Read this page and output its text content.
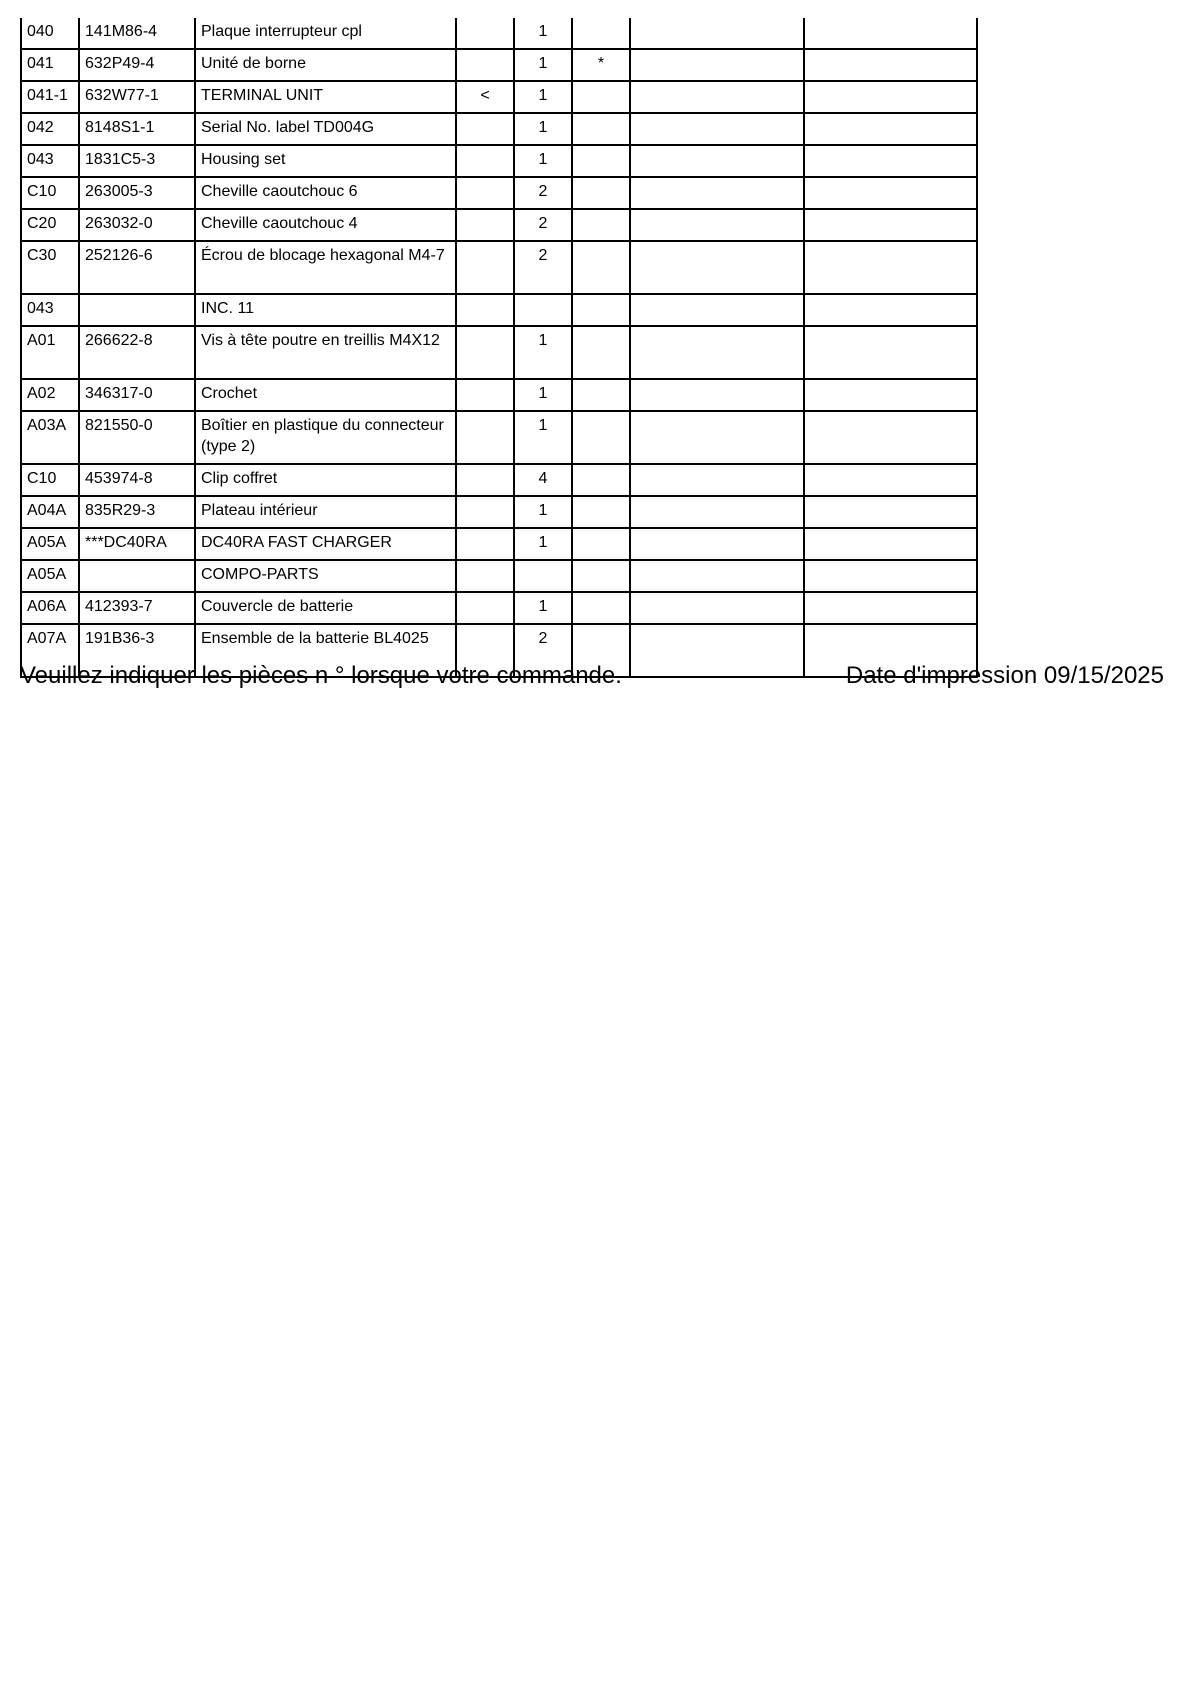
040	141M86-4	Plaque interrupteur cpl		1			
041	632P49-4	Unité de borne		1	*		
041-1	632W77-1	TERMINAL UNIT	<	1			
042	8148S1-1	Serial No. label TD004G		1			
043	1831C5-3	Housing set		1			
C10	263005-3	Cheville caoutchouc 6		2			
C20	263032-0	Cheville caoutchouc 4		2			
C30	252126-6	Écrou de blocage hexagonal M4-7		2			
043		INC. 11					
A01	266622-8	Vis à tête poutre en treillis M4X12		1			
A02	346317-0	Crochet		1			
A03A	821550-0	Boîtier en plastique du connecteur (type 2)		1			
C10	453974-8	Clip coffret		4			
A04A	835R29-3	Plateau intérieur		1			
A05A	***DC40RA	DC40RA FAST CHARGER		1			
A05A		COMPO-PARTS					
A06A	412393-7	Couvercle de batterie		1			
A07A	191B36-3	Ensemble de la batterie BL4025		2			
Veuillez indiquer les pièces n ° lorsque votre commande.	Date d'impression 09/15/2025
